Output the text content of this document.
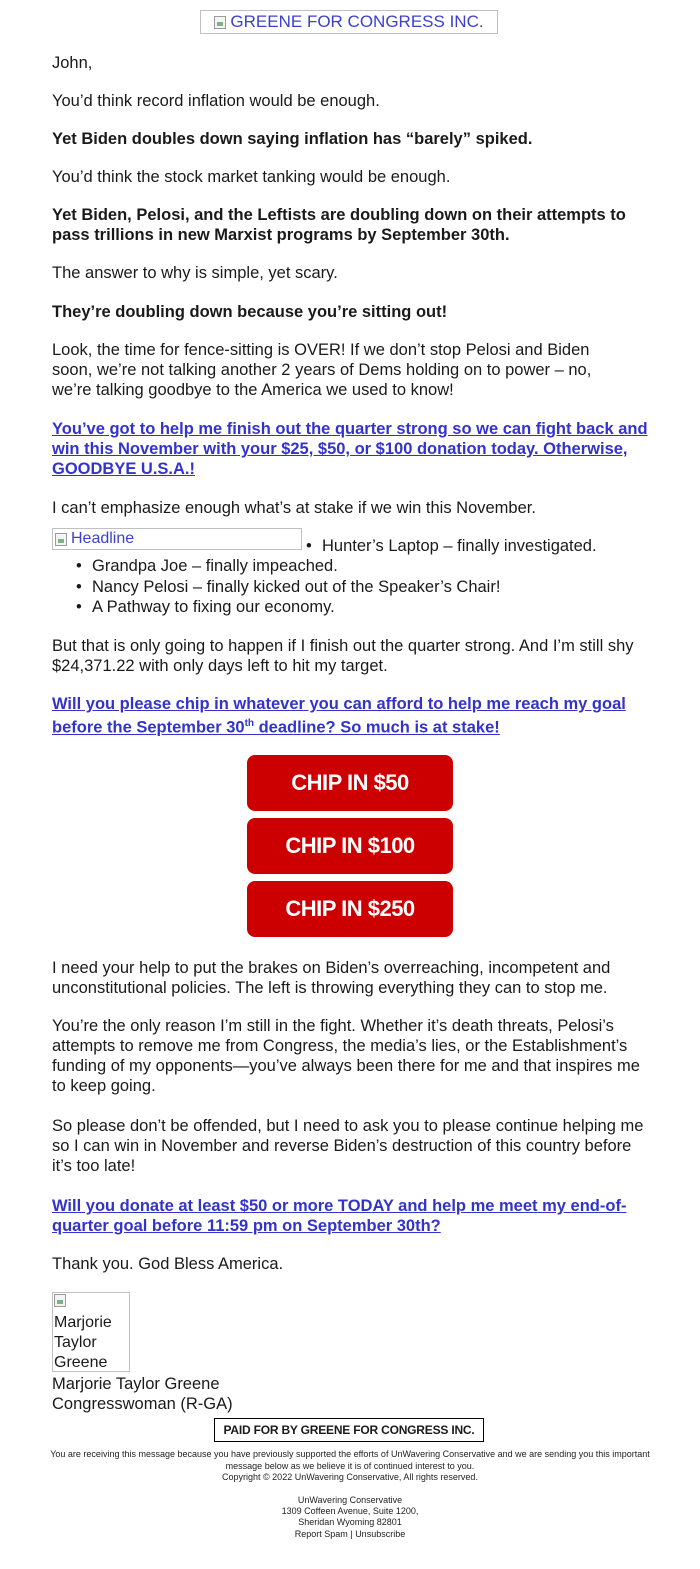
GREENE FOR CONGRESS INC.

John,

You’d think record inflation would be enough.

Yet Biden doubles down saying inflation has “barely” spiked.

You’d think the stock market tanking would be enough.

Yet Biden, Pelosi, and the Leftists are doubling down on their attempts to pass trillions in new Marxist programs by September 30th.

The answer to why is simple, yet scary.

They’re doubling down because you’re sitting out!

Look, the time for fence-sitting is OVER! If we don’t stop Pelosi and Biden soon, we’re not talking another 2 years of Dems holding on to power – no, we’re talking goodbye to the America we used to know!

You’ve got to help me finish out the quarter strong so we can fight back and win this November with your $25, $50, or $100 donation today. Otherwise, GOODBYE U.S.A.!

I can’t emphasize enough what’s at stake if we win this November.

Headline
•	Hunter’s Laptop – finally investigated.
• Grandpa Joe – finally impeached.
• Nancy Pelosi – finally kicked out of the Speaker’s Chair!
• A Pathway to fixing our economy.

But that is only going to happen if I finish out the quarter strong. And I’m still shy $24,371.22 with only days left to hit my target.

Will you please chip in whatever you can afford to help me reach my goal before the September 30th deadline? So much is at stake!

I need your help to put the brakes on Biden’s overreaching, incompetent and unconstitutional policies. The left is throwing everything they can to stop me.

You’re the only reason I’m still in the fight. Whether it’s death threats, Pelosi’s attempts to remove me from Congress, the media’s lies, or the Establishment’s funding of my opponents—you’ve always been there for me and that inspires me to keep going.

So please don’t be offended, but I need to ask you to please continue helping me so I can win in November and reverse Biden’s destruction of this country before it’s too late!

Will you donate at least $50 or more TODAY and help me meet my end-of-quarter goal before 11:59 pm on September 30th?

Thank you. God Bless America.

Marjorie Taylor Greene

Congresswoman (R-GA)

CHIP IN $50
CHIP IN $100
CHIP IN $250

Marjorie Taylor Greene
PAID FOR BY GREENE FOR CONGRESS INC.
You are receiving this message because you have previously supported the efforts of UnWavering Conservative and we are sending you this important message below as we believe it is of continued interest to you.
Copyright © 2022 UnWavering Conservative, All rights reserved.
UnWavering Conservative
1309 Coffeen Avenue, Suite 1200,
Sheridan Wyoming 82801
Report Spam | Unsubscribe
